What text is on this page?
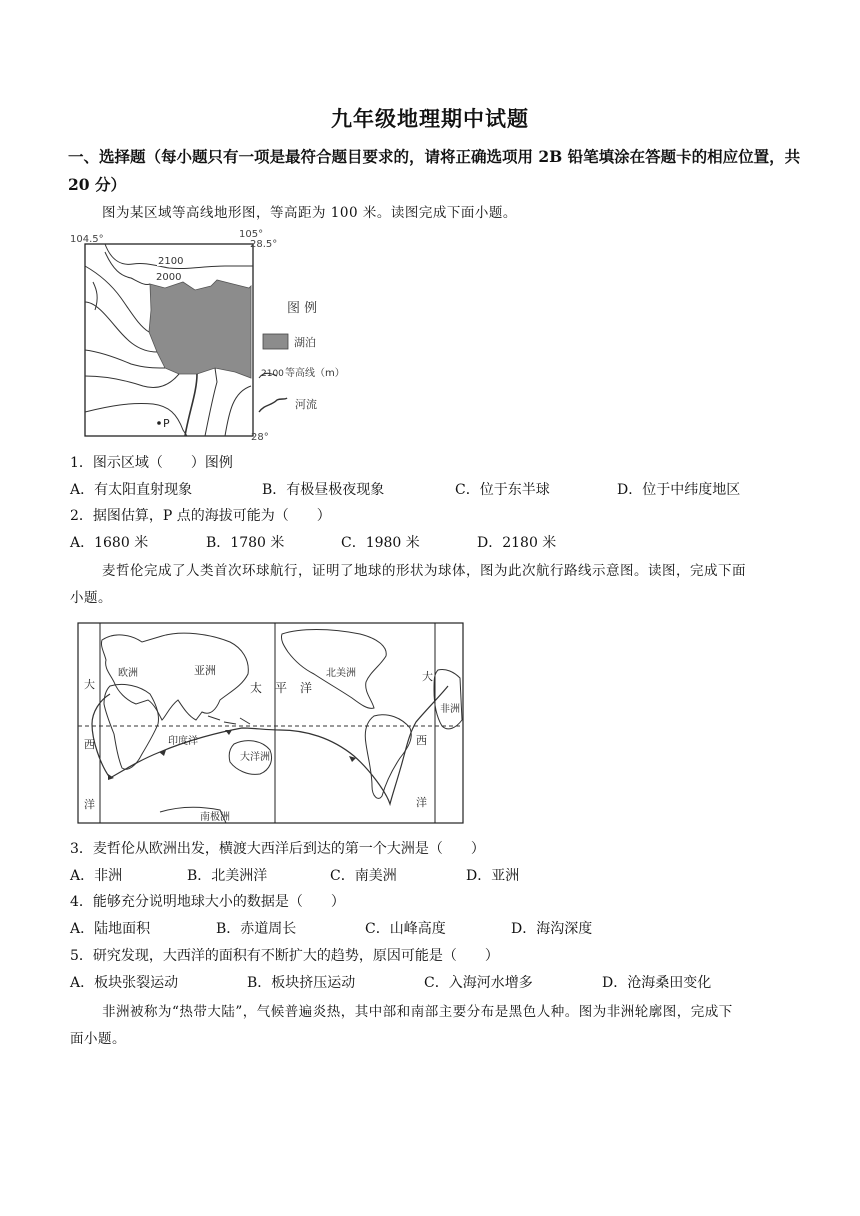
九年级地理期中试题
一、选择题（每小题只有一项是最符合题目要求的，请将正确选项用 2B 铅笔填涂在答题卡的相应位置，共 20 分）
图为某区域等高线地形图，等高距为 100 米。读图完成下面小题。
104.5°	105°
28.5°
28°
2100
2000
P
图 例
湖泊
2100 等高线（m）
河流
1．图示区域（　　）图例
A．有太阳直射现象	B．有极昼极夜现象	C．位于东半球	D．位于中纬度地区
2．据图估算，P 点的海拔可能为（　　）
A．1680 米	B．1780 米	C．1980 米	D．2180 米
麦哲伦完成了人类首次环球航行，证明了地球的形状为球体，图为此次航行路线示意图。读图，完成下面
小题。
欧洲	亚洲
太 平 洋
北美洲
大
西
洋
印度洋
大洋洲
南极洲
大
非洲
西
洋
3．麦哲伦从欧洲出发，横渡大西洋后到达的第一个大洲是（　　）
A．非洲	B．北美洲洋	C．南美洲	D．亚洲
4．能够充分说明地球大小的数据是（　　）
A．陆地面积	B．赤道周长	C．山峰高度	D．海沟深度
5．研究发现，大西洋的面积有不断扩大的趋势，原因可能是（　　）
A．板块张裂运动	B．板块挤压运动	C．入海河水增多	D．沧海桑田变化
非洲被称为“热带大陆”，气候普遍炎热，其中部和南部主要分布是黑色人种。图为非洲轮廓图，完成下
面小题。
